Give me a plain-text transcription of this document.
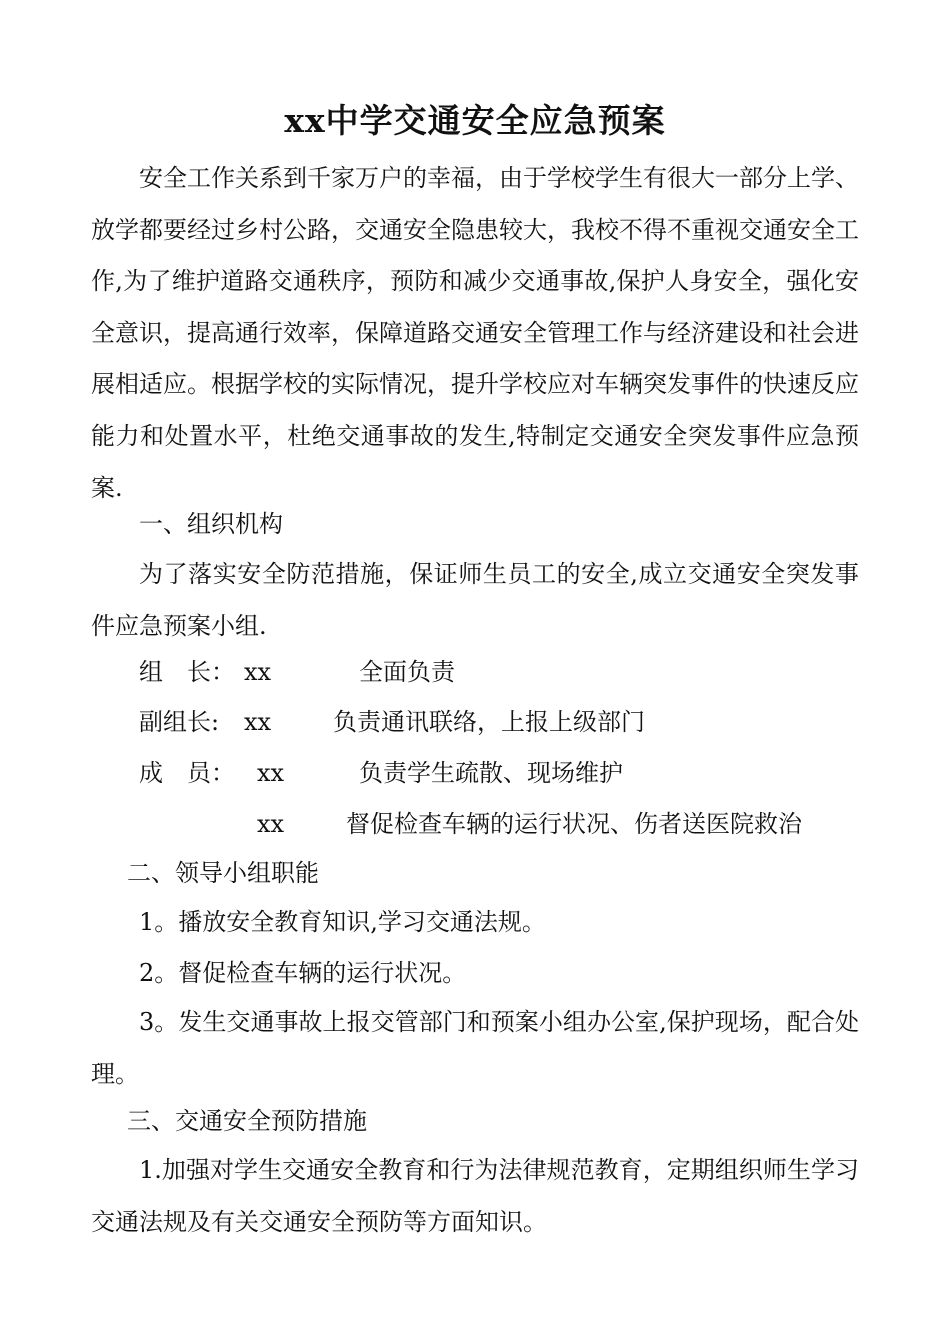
xx中学交通安全应急预案

安全工作关系到千家万户的幸福，由于学校学生有很大一部分上学、放学都要经过乡村公路，交通安全隐患较大，我校不得不重视交通安全工作,为了维护道路交通秩序，预防和减少交通事故,保护人身安全，强化安全意识，提高通行效率，保障道路交通安全管理工作与经济建设和社会进展相适应。根据学校的实际情况，提升学校应对车辆突发事件的快速反应能力和处置水平，杜绝交通事故的发生,特制定交通安全突发事件应急预案.

一、组织机构

为了落实安全防范措施，保证师生员工的安全,成立交通安全突发事件应急预案小组.

组　长： xx	全面负责
副组长: xx	负责通讯联络，上报上级部门
成　员： xx	负责学生疏散、现场维护
xx	督促检查车辆的运行状况、伤者送医院救治
二、领导小组职能
1。播放安全教育知识,学习交通法规。
2。督促检查车辆的运行状况。

3。发生交通事故上报交管部门和预案小组办公室,保护现场，配合处理。

三、交通安全预防措施

1.加强对学生交通安全教育和行为法律规范教育，定期组织师生学习交通法规及有关交通安全预防等方面知识。
